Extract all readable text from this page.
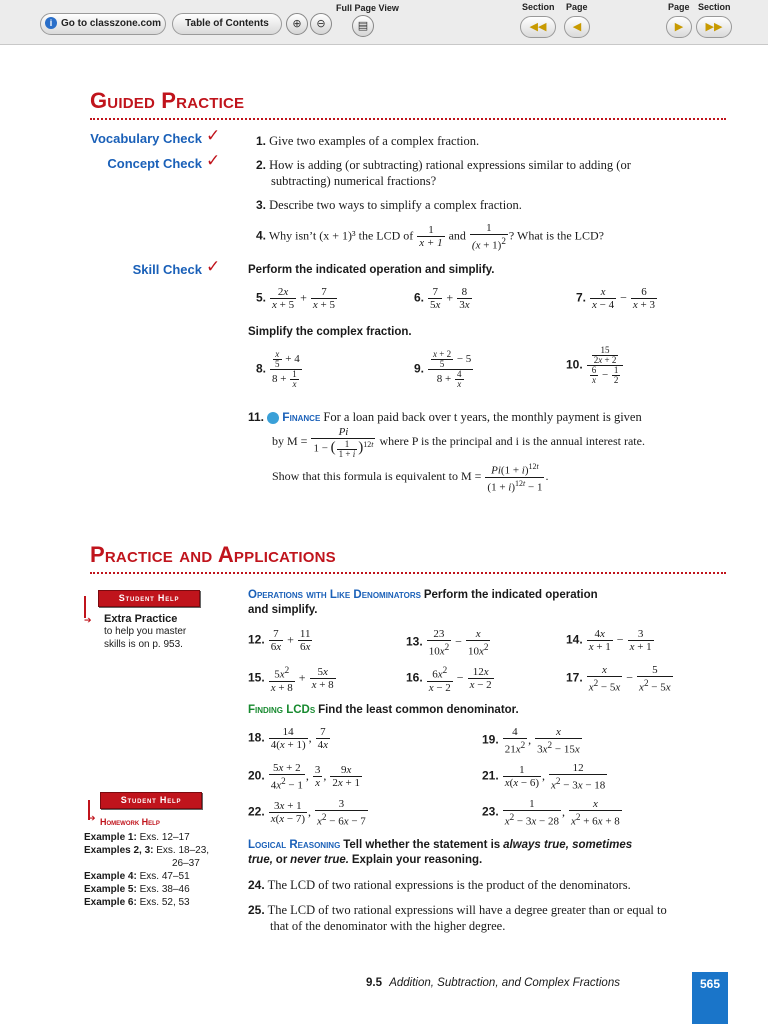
i Go to classzone.com	Table of Contents	⊕	⊖
Full Page View
▤
Section Page
◀◀	◀
Page Section
▶	▶▶
Guided Practice
Vocabulary Check ✓
Concept Check ✓
1. Give two examples of a complex fraction.
2. How is adding (or subtracting) rational expressions similar to adding (or
subtracting) numerical fractions?
3. Describe two ways to simplify a complex fraction.
4. Why isn’t (x + 1)³ the LCD of $\frac{1}{x + 1}$ and $\frac{1}{(x + 1)^2}$ ? What is the LCD?
Skill Check ✓ Perform the indicated operation and simplify.
5. $\frac{2x}{x + 5} + \frac{7}{x + 5}$	6. $\frac{7}{5x} + \frac{8}{3x}$	7. $\frac{x}{x - 4} - \frac{6}{x + 3}$
Simplify the complex fraction.
8. $\frac{\frac{x}{5} + 4}{8 + \frac{1}{x}}$	9. $\frac{\frac{x + 2}{5} - 5}{8 + \frac{4}{x}}$	10. $\frac{\frac{15}{2x + 2}}{\frac{6}{x} - \frac{1}{2}}$
11. Finance For a loan paid back over t years, the monthly payment is given
by $M = \frac{Pi}{1 - ( \frac{1}{1 + i} )^{12t}}$ where P is the principal and i is the annual interest rate.
Show that this formula is equivalent to $M = \frac{Pi(1 + i)^{12t}}{(1 + i)^{12t} - 1}$ .
Practice and Applications
Student Help
➔ Extra Practice
to help you master
skills is on p. 953.
Operations with Like Denominators Perform the indicated operation
and simplify.
12. $\frac{7}{6x} + \frac{11}{6x}$	13. $\frac{23}{10x^2} - \frac{x}{10x^2}$	14. $\frac{4x}{x + 1} - \frac{3}{x + 1}$
15. $\frac{5x^2}{x + 8} + \frac{5x}{x + 8}$	16. $\frac{6x^2}{x - 2} - \frac{12x}{x - 2}$	17. $\frac{x}{x^2 - 5x} - \frac{5}{x^2 - 5x}$
Finding LCDs Find the least common denominator.
18. $\frac{14}{4(x + 1)}$ , $\frac{7}{4x}$	19. $\frac{4}{21x^2}$ , $\frac{x}{3x^2 - 15x}$
20. $\frac{5x + 2}{4x^2 - 1}$ , $\frac{3}{x}$ , $\frac{9x}{2x + 1}$	21. $\frac{1}{x(x - 6)}$ , $\frac{12}{x^2 - 3x - 18}$
22. $\frac{3x + 1}{x(x - 7)}$ , $\frac{3}{x^2 - 6x - 7}$	23. $\frac{1}{x^2 - 3x - 28}$ , $\frac{x}{x^2 + 6x + 8}$
Student Help
➔ Homework Help
Example 1: Exs. 12–17
Examples 2, 3: Exs. 18–23,
26–37
Example 4: Exs. 47–51
Example 5: Exs. 38–46
Example 6: Exs. 52, 53
Logical Reasoning Tell whether the statement is always true, sometimes
true, or never true. Explain your reasoning.
24. The LCD of two rational expressions is the product of the denominators.
25. The LCD of two rational expressions will have a degree greater than or equal to
that of the denominator with the higher degree.
9.5 Addition, Subtraction, and Complex Fractions	565
